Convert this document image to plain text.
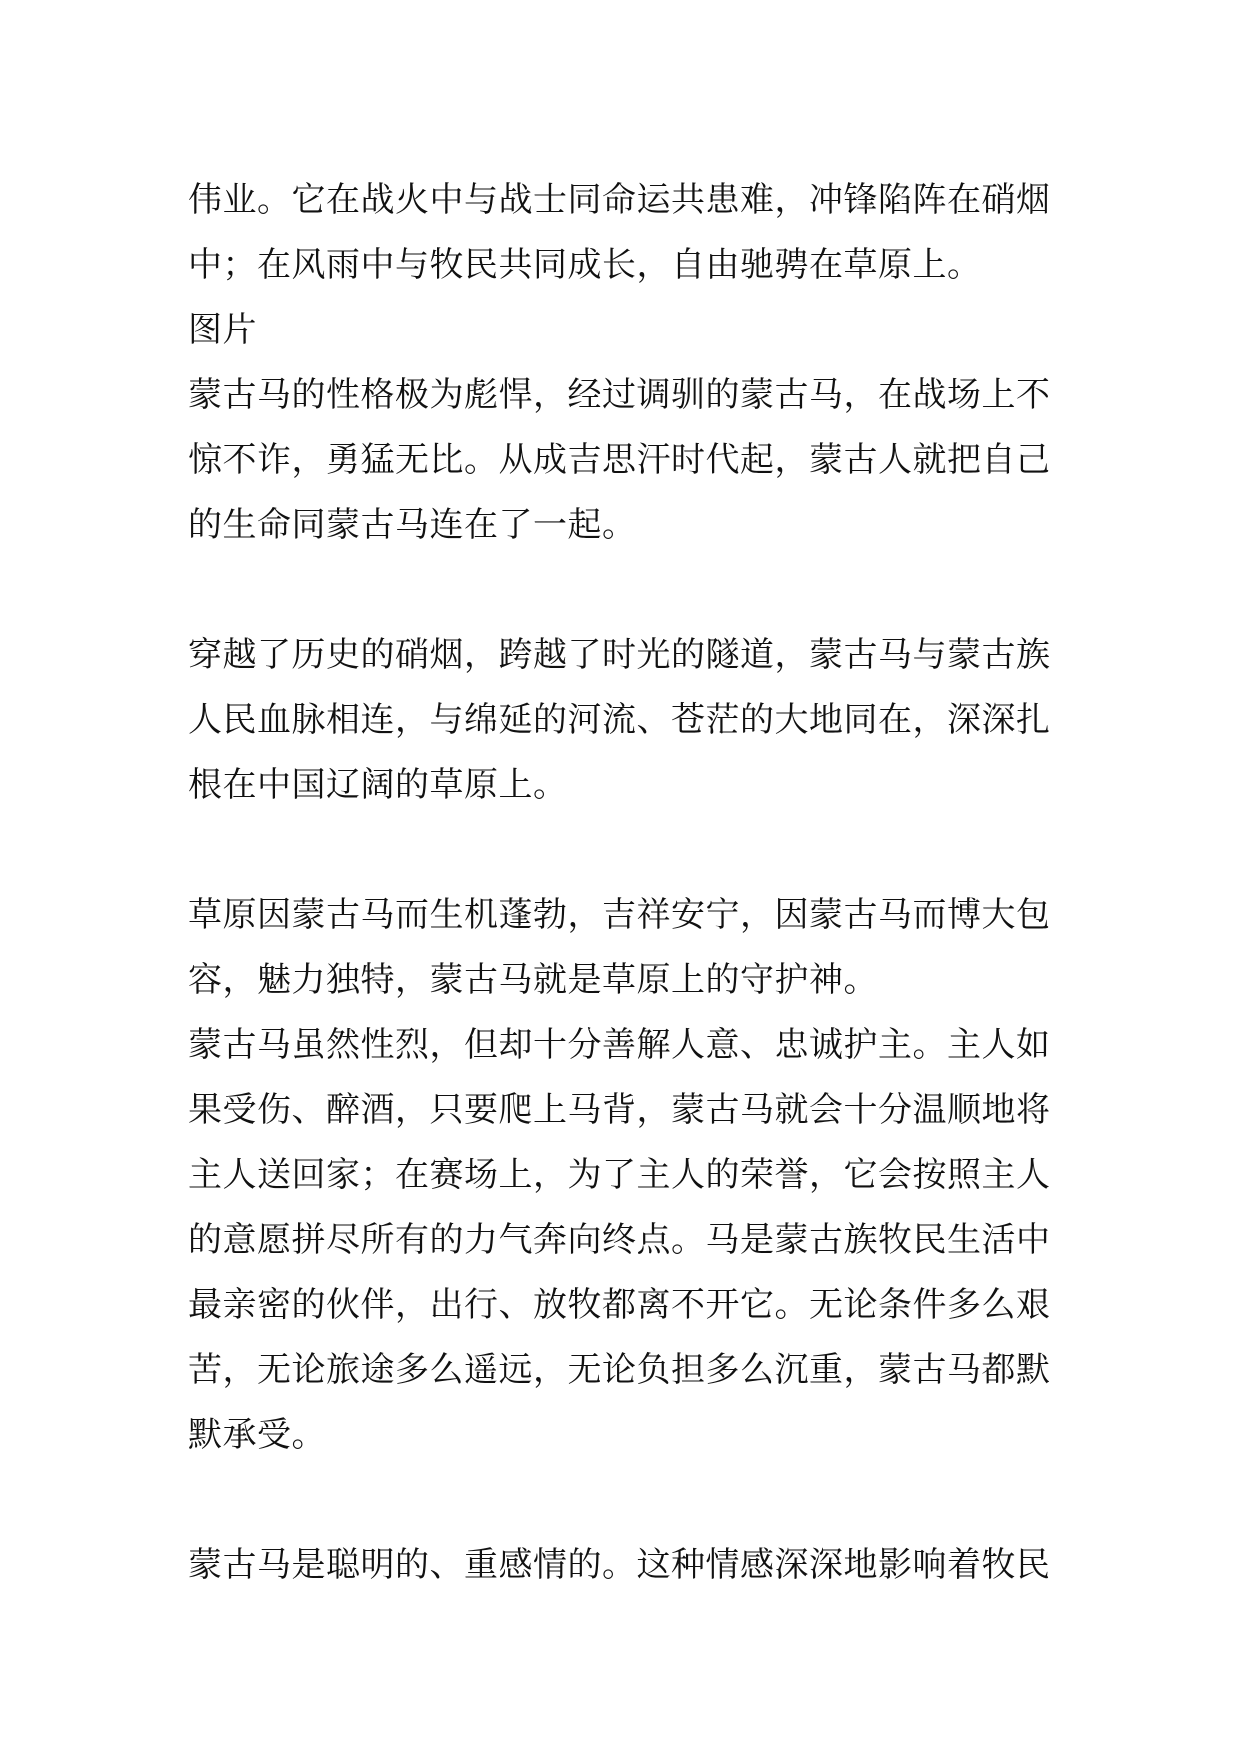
伟业。它在战火中与战士同命运共患难，冲锋陷阵在硝烟
中；在风雨中与牧民共同成长，自由驰骋在草原上。
图片
蒙古马的性格极为彪悍，经过调驯的蒙古马，在战场上不
惊不诈，勇猛无比。从成吉思汗时代起，蒙古人就把自己
的生命同蒙古马连在了一起。
穿越了历史的硝烟，跨越了时光的隧道，蒙古马与蒙古族
人民血脉相连，与绵延的河流、苍茫的大地同在，深深扎
根在中国辽阔的草原上。
草原因蒙古马而生机蓬勃，吉祥安宁，因蒙古马而博大包
容，魅力独特，蒙古马就是草原上的守护神。
蒙古马虽然性烈，但却十分善解人意、忠诚护主。主人如
果受伤、醉酒，只要爬上马背，蒙古马就会十分温顺地将
主人送回家；在赛场上，为了主人的荣誉，它会按照主人
的意愿拼尽所有的力气奔向终点。马是蒙古族牧民生活中
最亲密的伙伴，出行、放牧都离不开它。无论条件多么艰
苦，无论旅途多么遥远，无论负担多么沉重，蒙古马都默
默承受。
蒙古马是聪明的、重感情的。这种情感深深地影响着牧民
